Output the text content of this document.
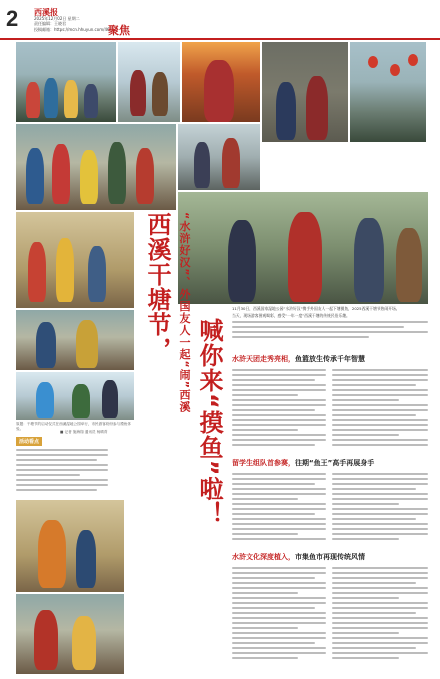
2 西溪报
2025年12月02日 星期二
责任编辑：王晓君
投稿邮箱：https://mcn.hhuyun.com/46
聚焦
西溪干塘节，
喊你来“摸鱼”啦！
“水浒好汉”、外国友人一起“闹”西溪	11月30日，西溪国家湿地公园“水浒好汉”携手外国友人一起下塘摸鱼，2025西溪干塘节热闹开场。
当天，现场游客围观喝彩，感受“一年一度”西溪干塘的传统民俗乐趣。
水浒天团走秀亮相，鱼篮放生传承千年智慧
留学生组队首参赛，往期“鱼王”高手再展身手
水浒文化深度植入，市集鱼市再现传统风情
原题：干塘节的启动仪式在西溪湿地公园举行，市民游客纷纷参与摸鱼体验。
■ 记者 施海翔 通讯员 杨晴青
活动看点
